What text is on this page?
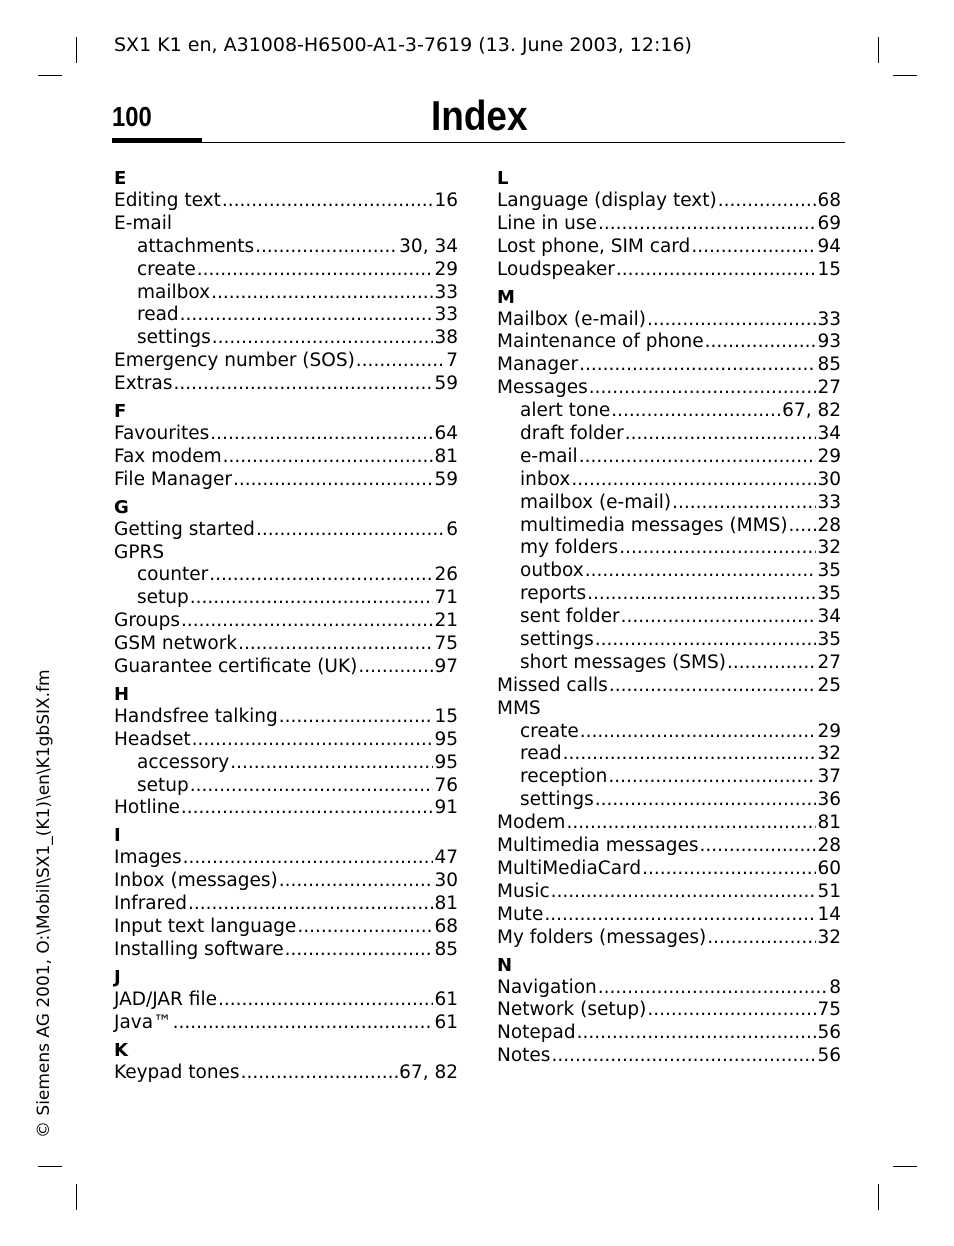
SX1 K1 en, A31008-H6500-A1-3-7619 (13. June 2003, 12:16)
100	Index
E
Editing text .....	16
E-mail
attachments .....	30, 34
create .....	29
mailbox .....	33
read .....	33
settings .....	38
Emergency number (SOS) .....	7
Extras .....	59
F
Favourites .....	64
Fax modem .....	81
File Manager .....	59
G
Getting started .....	6
GPRS
counter .....	26
setup .....	71
Groups .....	21
GSM network .....	75
Guarantee certificate (UK) .....	97
H
Handsfree talking .....	15
Headset .....	95
accessory .....	95
setup .....	76
Hotline .....	91
I
Images .....	47
Inbox (messages) .....	30
Infrared .....	81
Input text language .....	68
Installing software .....	85
J
JAD/JAR file .....	61
Java™ .....	61
K
Keypad tones .....	67, 82
L
Language (display text) .....	68
Line in use .....	69
Lost phone, SIM card .....	94
Loudspeaker .....	15
M
Mailbox (e-mail) .....	33
Maintenance of phone .....	93
Manager .....	85
Messages .....	27
alert tone .....	67, 82
draft folder .....	34
e-mail .....	29
inbox .....	30
mailbox (e-mail) .....	33
multimedia messages (MMS) ..... 28
my folders .....	32
outbox .....	35
reports .....	35
sent folder .....	34
settings .....	35
short messages (SMS) .....	27
Missed calls .....	25
MMS
create .....	29
read .....	32
reception .....	37
settings .....	36
Modem .....	81
Multimedia messages .....	28
MultiMediaCard .....	60
Music .....	51
Mute .....	14
My folders (messages) .....	32
N
Navigation .....	8
Network (setup) .....	75
Notepad .....	56
Notes .....	56
© Siemens AG 2001, O:\Mobil\SX1_(K1)\en\K1gbSIX.fm
